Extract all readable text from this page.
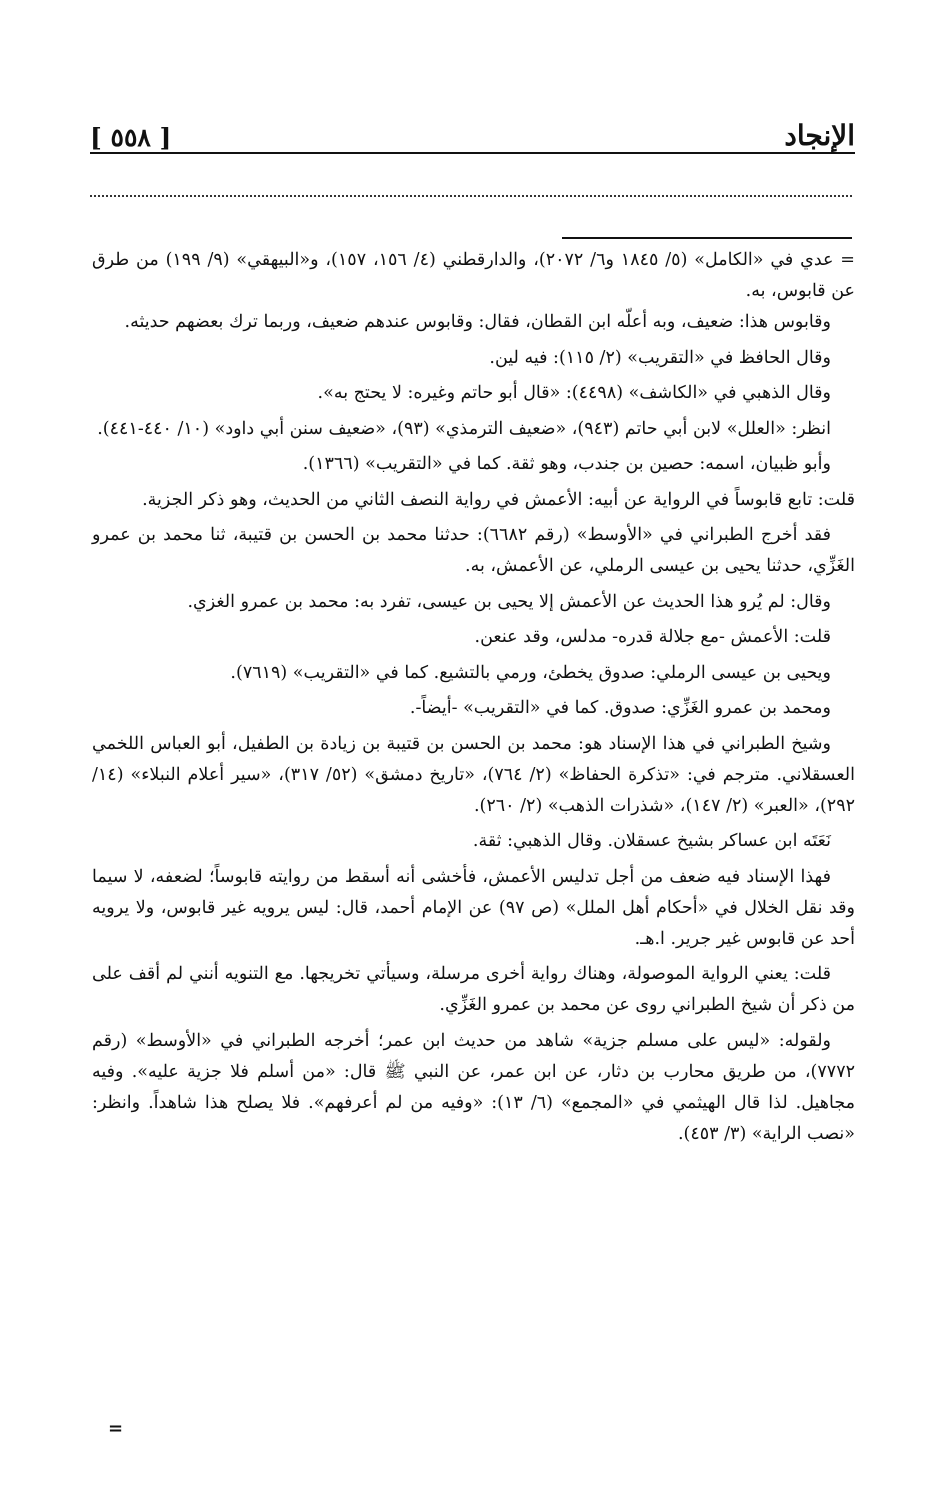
[ ٥٥٨ ]	الإنجاد

= عدي في «الكامل» (٥/ ١٨٤٥ و٦/ ٢٠٧٢)، والدارقطني (٤/ ١٥٦، ١٥٧)، و«البيهقي» (٩/ ١٩٩) من طرق عن قابوس، به.

وقابوس هذا: ضعيف، وبه أعلّه ابن القطان، فقال: وقابوس عندهم ضعيف، وربما ترك بعضهم حديثه.

وقال الحافظ في «التقريب» (٢/ ١١٥): فيه لين.

وقال الذهبي في «الكاشف» (٤٤٩٨): «قال أبو حاتم وغيره: لا يحتج به».

انظر: «العلل» لابن أبي حاتم (٩٤٣)، «ضعيف الترمذي» (٩٣)، «ضعيف سنن أبي داود» (١٠/ ٤٤٠-٤٤١).

وأبو ظبيان، اسمه: حصين بن جندب، وهو ثقة. كما في «التقريب» (١٣٦٦).

قلت: تابع قابوساً في الرواية عن أبيه: الأعمش في رواية النصف الثاني من الحديث، وهو ذكر الجزية.

فقد أخرج الطبراني في «الأوسط» (رقم ٦٦٨٢): حدثنا محمد بن الحسن بن قتيبة، ثنا محمد بن عمرو الغَزِّي، حدثنا يحيى بن عيسى الرملي، عن الأعمش، به.

وقال: لم يُرو هذا الحديث عن الأعمش إلا يحيى بن عيسى، تفرد به: محمد بن عمرو الغزي.

قلت: الأعمش -مع جلالة قدره- مدلس، وقد عنعن.

ويحيى بن عيسى الرملي: صدوق يخطئ، ورمي بالتشيع. كما في «التقريب» (٧٦١٩).

ومحمد بن عمرو الغَزِّي: صدوق. كما في «التقريب» -أيضاً-.

وشيخ الطبراني في هذا الإسناد هو: محمد بن الحسن بن قتيبة بن زيادة بن الطفيل، أبو العباس اللخمي العسقلاني. مترجم في: «تذكرة الحفاظ» (٢/ ٧٦٤)، «تاريخ دمشق» (٥٢/ ٣١٧)، «سير أعلام النبلاء» (١٤/ ٢٩٢)، «العبر» (٢/ ١٤٧)، «شذرات الذهب» (٢/ ٢٦٠).

نَعَتَه ابن عساكر بشيخ عسقلان. وقال الذهبي: ثقة.

فهذا الإسناد فيه ضعف من أجل تدليس الأعمش، فأخشى أنه أسقط من روايته قابوساً؛ لضعفه، لا سيما وقد نقل الخلال في «أحكام أهل الملل» (ص ٩٧) عن الإمام أحمد، قال: ليس يرويه غير قابوس، ولا يرويه أحد عن قابوس غير جرير. ا.هـ.

قلت: يعني الرواية الموصولة، وهناك رواية أخرى مرسلة، وسيأتي تخريجها. مع التنويه أنني لم أقف على من ذكر أن شيخ الطبراني روى عن محمد بن عمرو الغَزِّي.

ولقوله: «ليس على مسلم جزية» شاهد من حديث ابن عمر؛ أخرجه الطبراني في «الأوسط» (رقم ٧٧٧٢)، من طريق محارب بن دثار، عن ابن عمر، عن النبي ﷺ قال: «من أسلم فلا جزية عليه». وفيه مجاهيل. لذا قال الهيثمي في «المجمع» (٦/ ١٣): «وفيه من لم أعرفهم». فلا يصلح هذا شاهداً. وانظر: «نصب الراية» (٣/ ٤٥٣).

=
